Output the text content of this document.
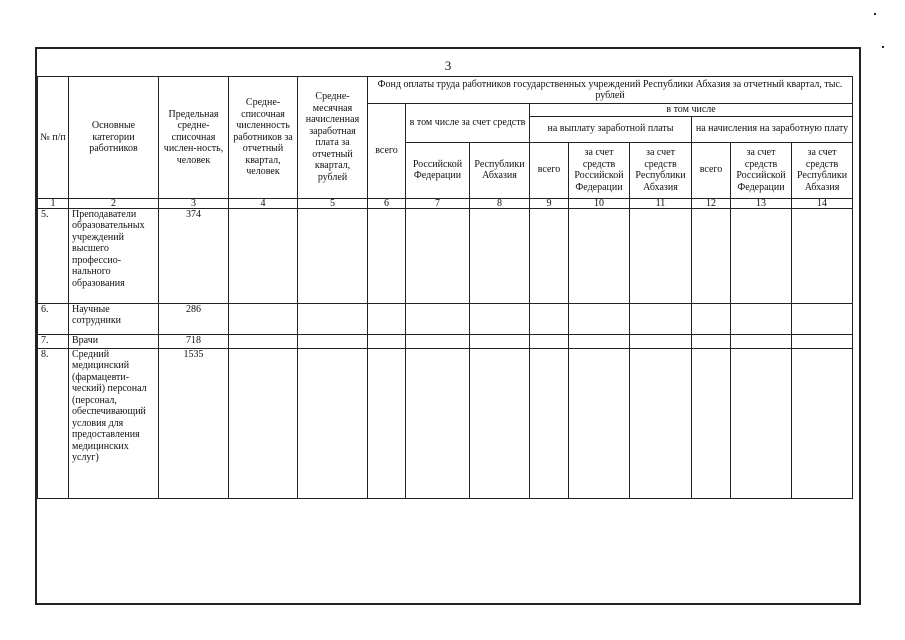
3
№ п/п	Основные категории работников	Предельная средне-списочная числен-ность, человек	Средне-списочная численность работников за отчетный квартал, человек	Средне-месячная начисленная заработная плата за отчетный квартал, рублей	Фонд оплаты труда работников государственных учреждений Республики Абхазия за отчетный квартал, тыс. рублей								
					всего	в том числе за счет средств		в том числе					
								на выплату заработной платы			на начисления на заработную плату		
						Российской Федерации	Республики Абхазия	всего	за счет средств Российской Федерации	за счет средств Республики Абхазия	всего	за счет средств Российской Федерации	за счет средств Республики Абхазия
1	2	3	4	5	6	7	8	9	10	11	12	13	14
5.	Преподаватели образовательных учреждений высшего профессио-нального образования	374											
6.	Научные сотрудники	286											
7.	Врачи	718											
8.	Средний медицинский (фармацевти-ческий) персонал (персонал, обеспечивающий условия для предоставления медицинских услуг)	1535											
